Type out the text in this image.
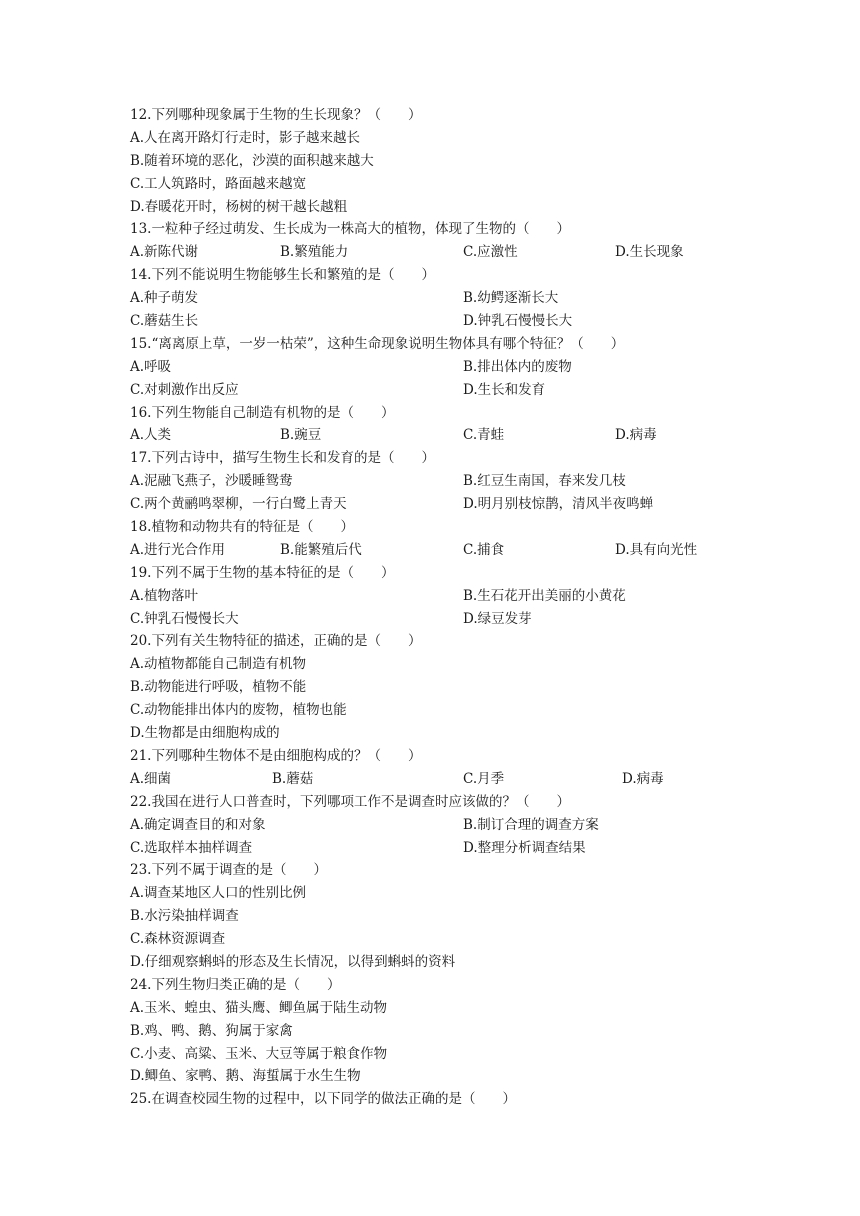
12.下列哪种现象属于生物的生长现象？（　　）
A.人在离开路灯行走时，影子越来越长
B.随着环境的恶化，沙漠的面积越来越大
C.工人筑路时，路面越来越宽
D.春暖花开时，杨树的树干越长越粗
13.一粒种子经过萌发、生长成为一株高大的植物，体现了生物的（　　）
A.新陈代谢	B.繁殖能力	C.应激性	D.生长现象
14.下列不能说明生物能够生长和繁殖的是（　　）
A.种子萌发	B.幼鳄逐渐长大
C.蘑菇生长	D.钟乳石慢慢长大
15.“离离原上草，一岁一枯荣”，这种生命现象说明生物体具有哪个特征？（　　）
A.呼吸	B.排出体内的废物
C.对刺激作出反应	D.生长和发育
16.下列生物能自己制造有机物的是（　　）
A.人类	B.豌豆	C.青蛙	D.病毒
17.下列古诗中，描写生物生长和发育的是（　　）
A.泥融飞燕子，沙暖睡鸳鸯	B.红豆生南国，春来发几枝
C.两个黄鹂鸣翠柳，一行白鹭上青天	D.明月别枝惊鹊，清风半夜鸣蝉
18.植物和动物共有的特征是（　　）
A.进行光合作用	B.能繁殖后代	C.捕食	D.具有向光性
19.下列不属于生物的基本特征的是（　　）
A.植物落叶	B.生石花开出美丽的小黄花
C.钟乳石慢慢长大	D.绿豆发芽
20.下列有关生物特征的描述，正确的是（　　）
A.动植物都能自己制造有机物
B.动物能进行呼吸，植物不能
C.动物能排出体内的废物，植物也能
D.生物都是由细胞构成的
21.下列哪种生物体不是由细胞构成的？（　　）
A.细菌	B.蘑菇	C.月季	D.病毒
22.我国在进行人口普查时，下列哪项工作不是调查时应该做的？（　　）
A.确定调查目的和对象	B.制订合理的调查方案
C.选取样本抽样调查	D.整理分析调查结果
23.下列不属于调查的是（　　）
A.调查某地区人口的性别比例
B.水污染抽样调查
C.森林资源调查
D.仔细观察蝌蚪的形态及生长情况，以得到蝌蚪的资料
24.下列生物归类正确的是（　　）
A.玉米、蝗虫、猫头鹰、鲫鱼属于陆生动物
B.鸡、鸭、鹅、狗属于家禽
C.小麦、高粱、玉米、大豆等属于粮食作物
D.鲫鱼、家鸭、鹅、海蜇属于水生生物
25.在调查校园生物的过程中，以下同学的做法正确的是（　　）
